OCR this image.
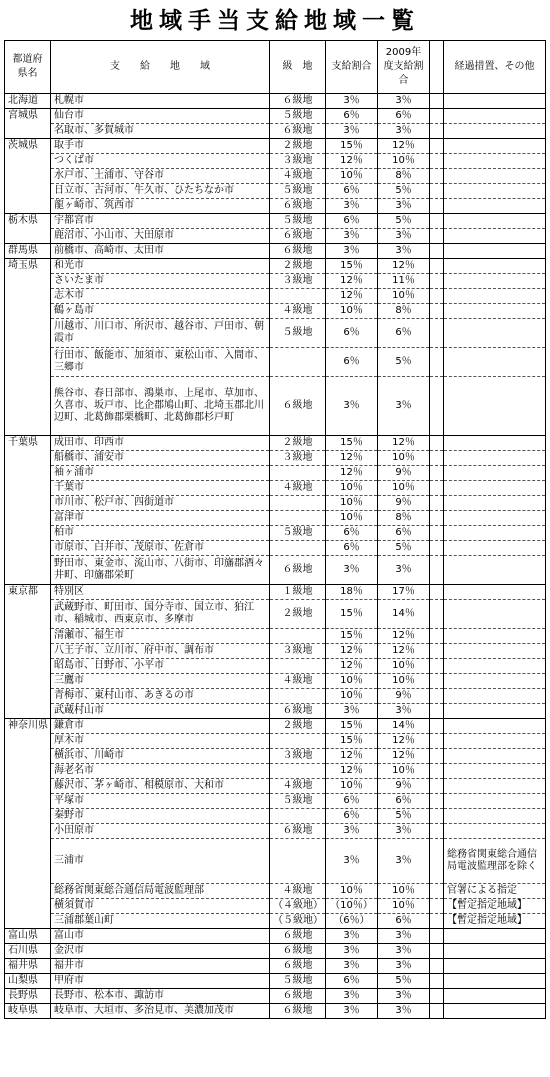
地域手当支給地域一覧
都道府県名	支　　給　　地　　域	級　地	支給割合	2009年度支給割合		経過措置、その他
北海道	札幌市	６級地	3％	3％		
宮城県	仙台市	５級地	6％	6％		
	名取市、多賀城市	６級地	3％	3％		
茨城県	取手市	２級地	15％	12％		
	つくば市	３級地	12％	10％		
	水戸市、土浦市、守谷市	４級地	10％	8％		
	日立市、古河市、牛久市、ひたちなか市	５級地	6％	5％		
	龍ヶ崎市、筑西市	６級地	3％	3％		
栃木県	宇都宮市	５級地	6％	5％		
	鹿沼市、小山市、大田原市	６級地	3％	3％		
群馬県	前橋市、高崎市、太田市	６級地	3％	3％		
埼玉県	和光市	２級地	15％	12％		
	さいたま市	３級地	12％	11％		
	志木市		12％	10％		
	鶴ヶ島市	４級地	10％	8％		
	川越市、川口市、所沢市、越谷市、戸田市、朝霞市	５級地	6％	6％		
	行田市、飯能市、加須市、東松山市、入間市、三郷市		6％	5％		
	熊谷市、春日部市、鴻巣市、上尾市、草加市、久喜市、坂戸市、比企郡鳩山町、北埼玉郡北川辺町、北葛飾郡栗橋町、北葛飾郡杉戸町	６級地	3％	3％		
千葉県	成田市、印西市	２級地	15％	12％		
	船橋市、浦安市	３級地	12％	10％		
	袖ヶ浦市		12％	9％		
	千葉市	４級地	10％	10％		
	市川市、松戸市、四街道市		10％	9％		
	富津市		10％	8％		
	柏市	５級地	6％	6％		
	市原市、白井市、茂原市、佐倉市		6％	5％		
	野田市、東金市、流山市、八街市、印旛郡酒々井町、印旛郡栄町	６級地	3％	3％		
東京都	特別区	１級地	18％	17％		
	武蔵野市、町田市、国分寺市、国立市、狛江市、稲城市、西東京市、多摩市	２級地	15％	14％		
	清瀬市、福生市		15％	12％		
	八王子市、立川市、府中市、調布市	３級地	12％	12％		
	昭島市、日野市、小平市		12％	10％		
	三鷹市	４級地	10％	10％		
	青梅市、東村山市、あきるの市		10％	9％		
	武蔵村山市	６級地	3％	3％		
神奈川県	鎌倉市	２級地	15％	14％		
	厚木市		15％	12％		
	横浜市、川崎市	３級地	12％	12％		
	海老名市		12％	10％		
	藤沢市、茅ヶ崎市、相模原市、大和市	４級地	10％	9％		
	平塚市	５級地	6％	6％		
	秦野市		6％	5％		
	小田原市	６級地	3％	3％		
	三浦市		3％	3％		総務省関東総合通信局電波監理部を除く
	総務省関東総合通信局電波監理部	４級地	10％	10％		官署による指定
	横須賀市	（４級地）	（10％）	10％		【暫定指定地域】
	三浦郡葉山町	（５級地）	（6％）	6％		【暫定指定地域】
富山県	富山市	６級地	3％	3％		
石川県	金沢市	６級地	3％	3％		
福井県	福井市	６級地	3％	3％		
山梨県	甲府市	５級地	6％	5％		
長野県	長野市、松本市、諏訪市	６級地	3％	3％		
岐阜県	岐阜市、大垣市、多治見市、美濃加茂市	６級地	3％	3％		
